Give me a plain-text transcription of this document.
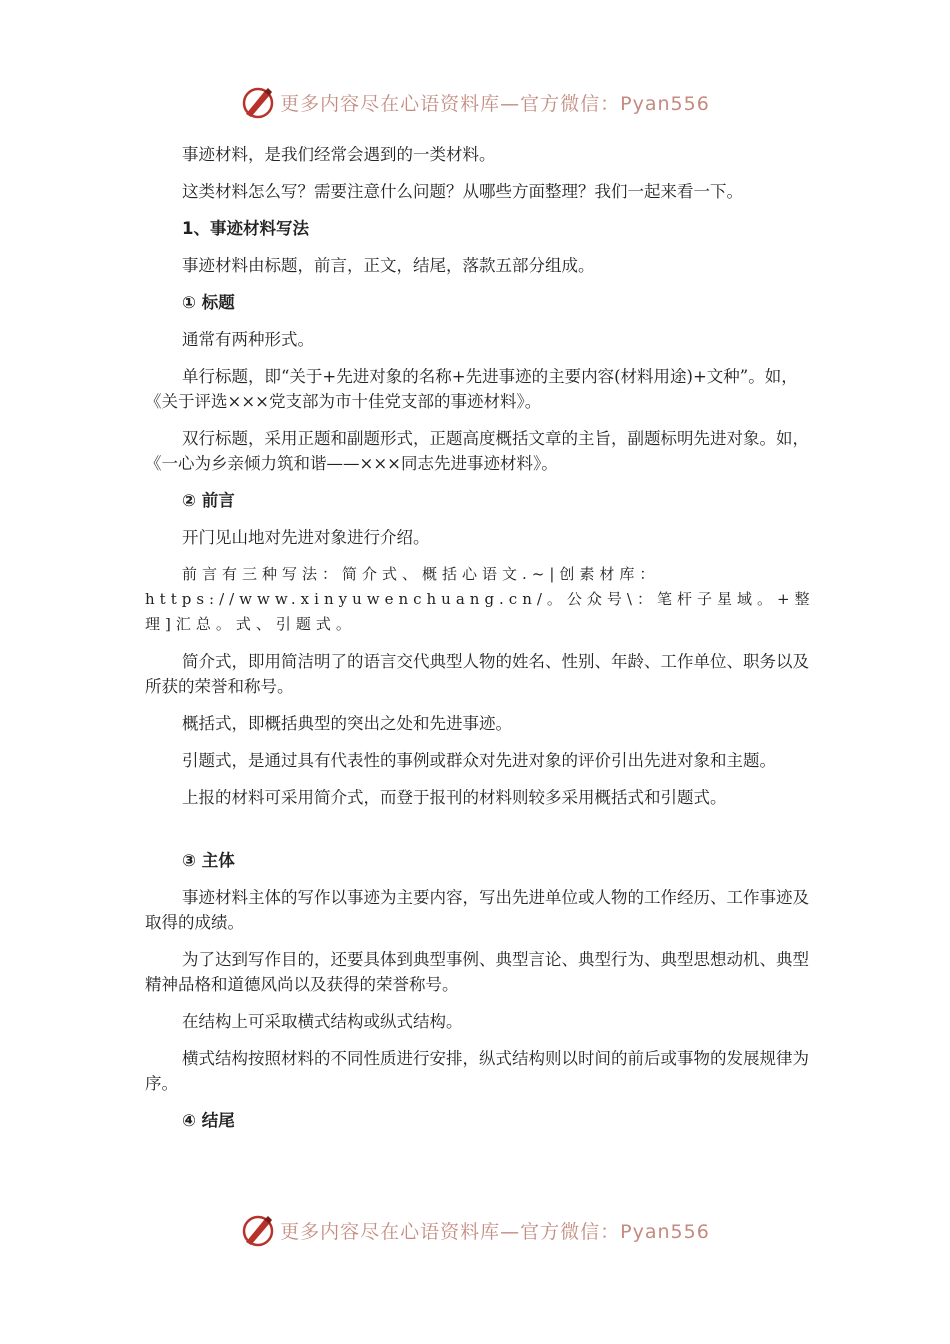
更多内容尽在心语资料库—官方微信：Pyan556

事迹材料，是我们经常会遇到的一类材料。

这类材料怎么写？需要注意什么问题？从哪些方面整理？我们一起来看一下。

1、事迹材料写法

事迹材料由标题，前言，正文，结尾，落款五部分组成。

① 标题

通常有两种形式。

单行标题，即“关于+先进对象的名称+先进事迹的主要内容(材料用途)+文种”。如，《关于评选×××党支部为市十佳党支部的事迹材料》。

双行标题，采用正题和副题形式，正题高度概括文章的主旨，副题标明先进对象。如，《一心为乡亲倾力筑和谐——×××同志先进事迹材料》。

② 前言

开门见山地对先进对象进行介绍。

前言有三种写法：简介式、概括心语文.~|创素材库：https://www.xinyuwenchuang.cn/。公众号\：笔杆子星域。+整理]汇总。式、引题式。

简介式，即用简洁明了的语言交代典型人物的姓名、性别、年龄、工作单位、职务以及所获的荣誉和称号。

概括式，即概括典型的突出之处和先进事迹。

引题式，是通过具有代表性的事例或群众对先进对象的评价引出先进对象和主题。

上报的材料可采用简介式，而登于报刊的材料则较多采用概括式和引题式。

③ 主体

事迹材料主体的写作以事迹为主要内容，写出先进单位或人物的工作经历、工作事迹及取得的成绩。

为了达到写作目的，还要具体到典型事例、典型言论、典型行为、典型思想动机、典型精神品格和道德风尚以及获得的荣誉称号。

在结构上可采取横式结构或纵式结构。

横式结构按照材料的不同性质进行安排，纵式结构则以时间的前后或事物的发展规律为序。

④ 结尾

更多内容尽在心语资料库—官方微信：Pyan556
